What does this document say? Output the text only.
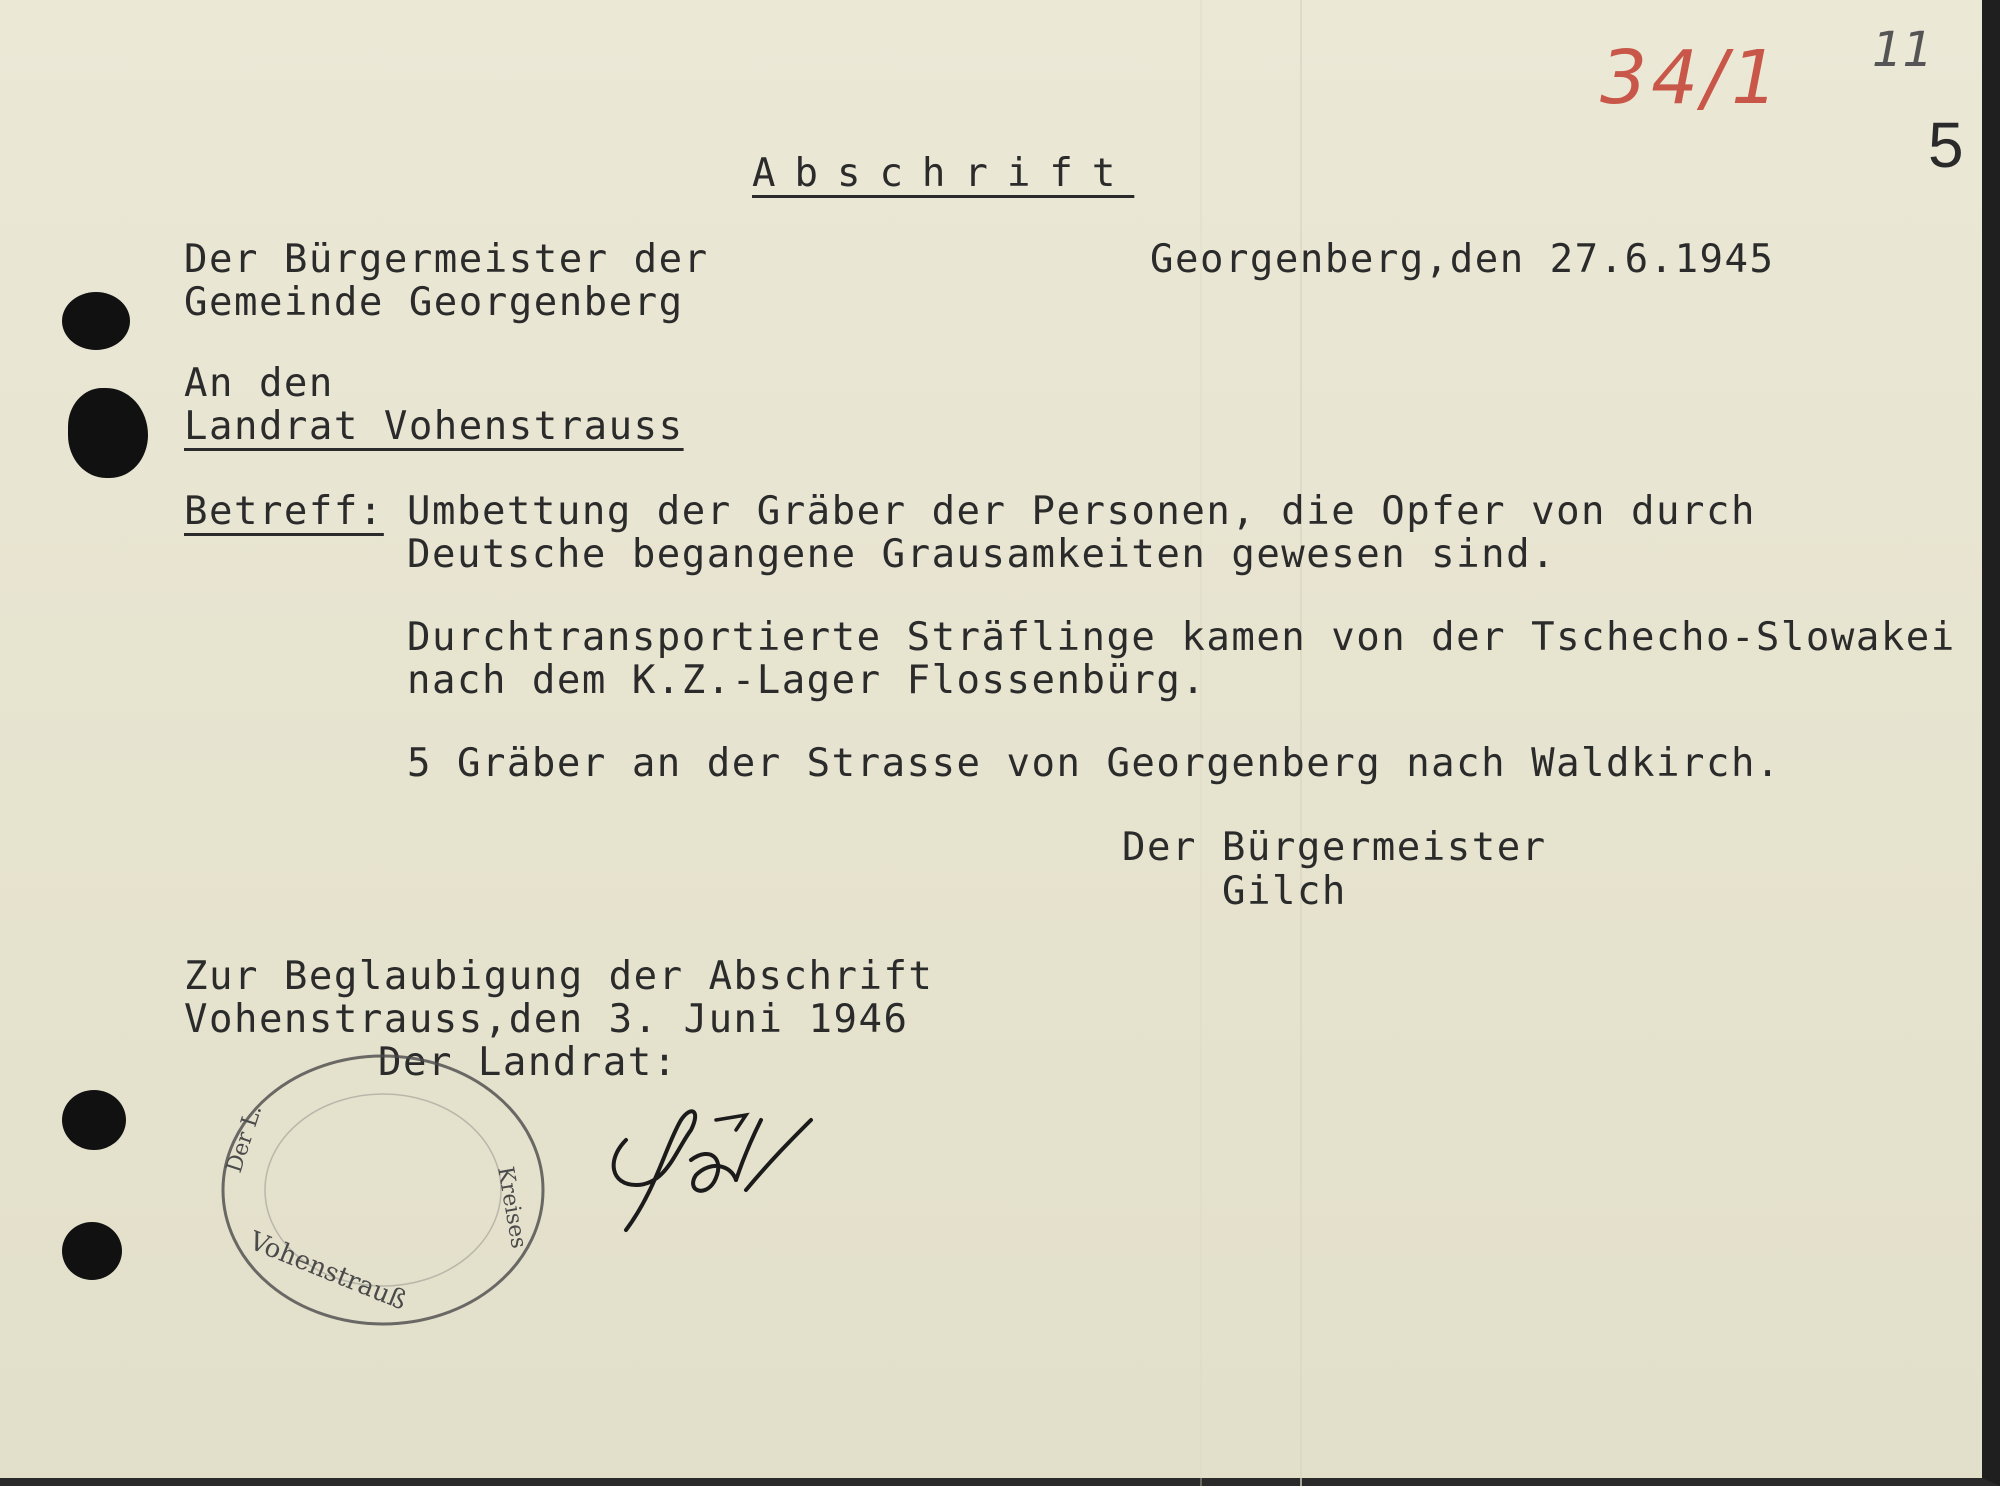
34/1 11
5

Abschrift

Der Bürgermeister der

Gemeinde Georgenberg

Georgenberg,den 27.6.1945

An den

Landrat Vohenstrauss

Betreff: Umbettung der Gräber der Personen, die Opfer von durch

Deutsche begangene Grausamkeiten gewesen sind.

Durchtransportierte Sträflinge kamen von der Tschecho-Slowakei

nach dem K.Z.-Lager Flossenbürg.

5 Gräber an der Strasse von Georgenberg nach Waldkirch.

Der Bürgermeister

Gilch

Zur Beglaubigung der Abschrift

Vohenstrauss,den 3. Juni 1946

Der Landrat:

Vohenstrauß
Kreises
Der L.
